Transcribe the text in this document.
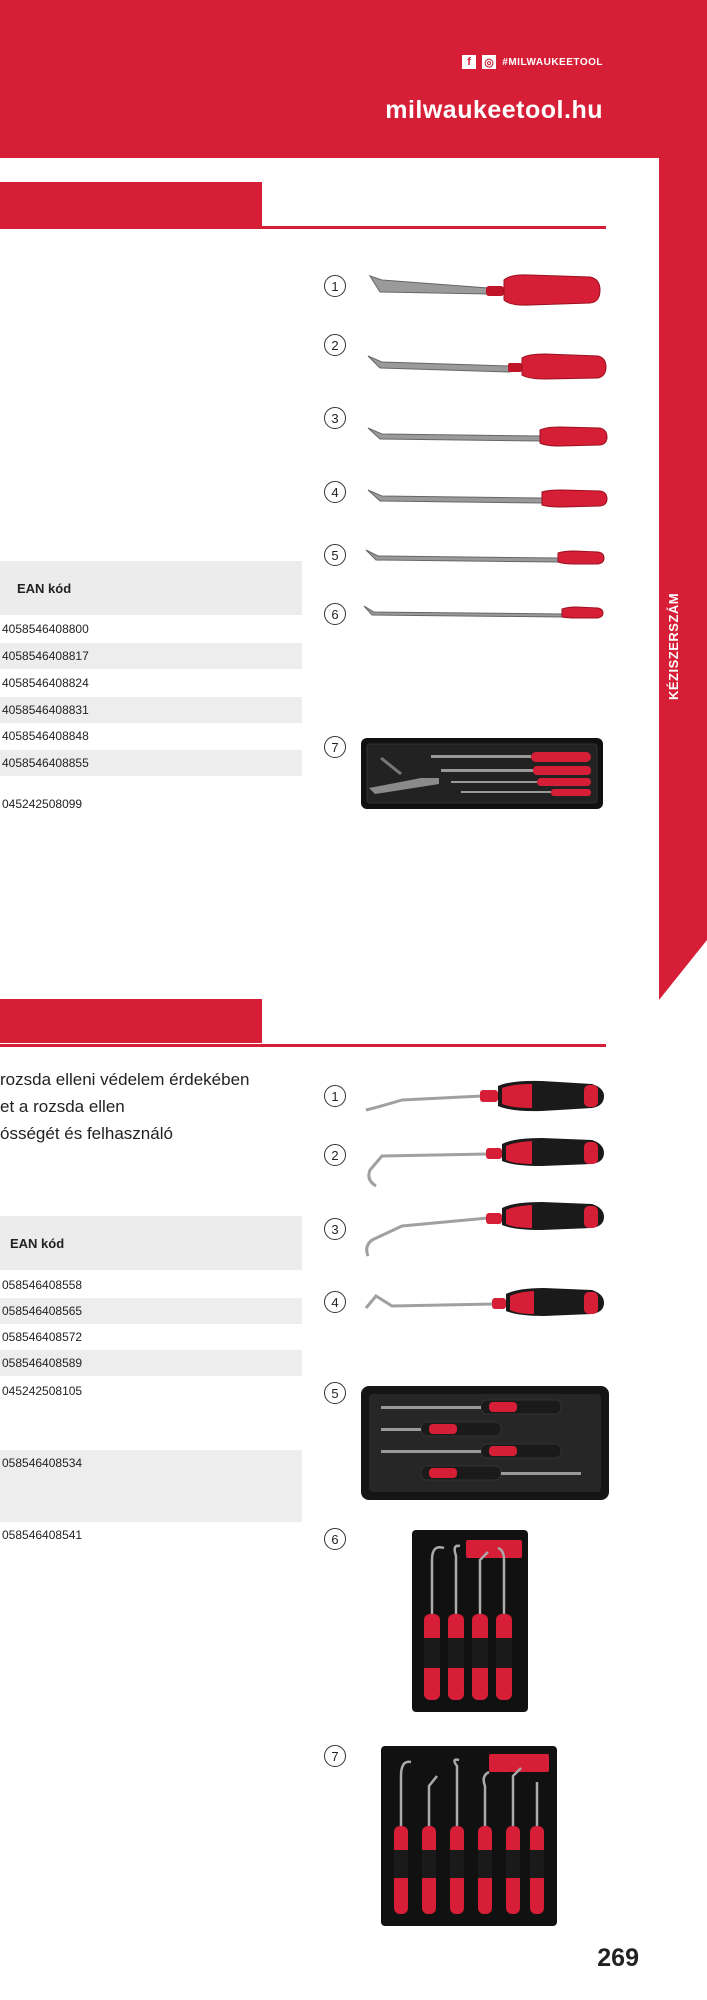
f	◎ #MILWAUKEETOOL
milwaukeetool.hu
KÉZISZERSZÁM
EAN kód
4058546408800
4058546408817
4058546408824
4058546408831
4058546408848
4058546408855
045242508099
1
2
3
4
5
6
7
rozsda elleni védelem érdekében
et a rozsda ellen
ósségét és felhasználó
EAN kód
058546408558
058546408565
058546408572
058546408589
045242508105
058546408534
058546408541
1
2
3
4
5
6
7
269
